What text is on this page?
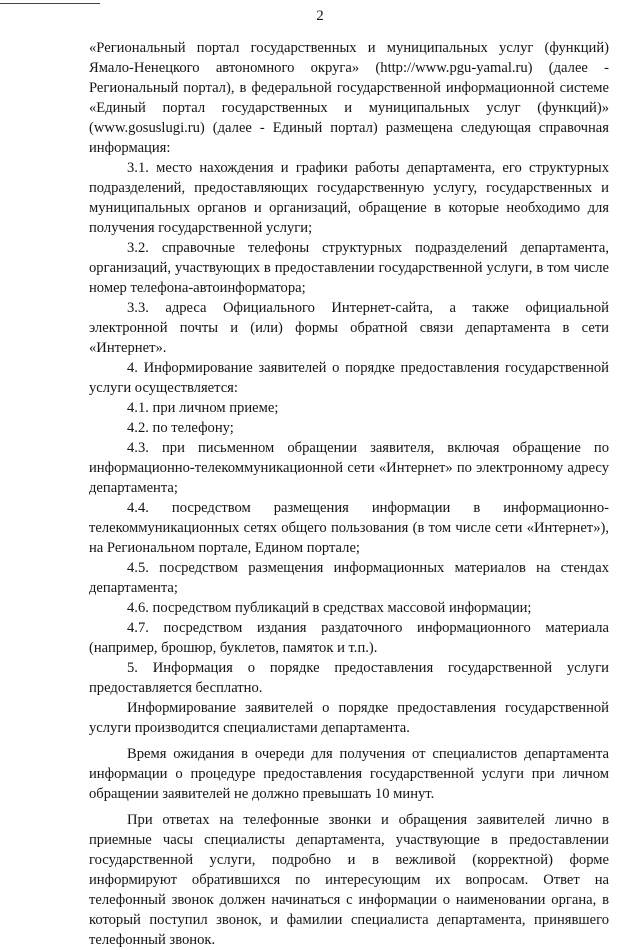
2

«Региональный портал государственных и муниципальных услуг (функций) Ямало-Ненецкого автономного округа» (http://www.pgu-yamal.ru) (далее - Региональный портал), в федеральной государственной информационной системе «Единый портал государственных и муниципальных услуг (функций)» (www.gosuslugi.ru) (далее - Единый портал) размещена следующая справочная информация:

3.1. место нахождения и графики работы департамента, его структурных подразделений, предоставляющих государственную услугу, государственных и муниципальных органов и организаций, обращение в которые необходимо для получения государственной услуги;

3.2. справочные телефоны структурных подразделений департамента, организаций, участвующих в предоставлении государственной услуги, в том числе номер телефона-автоинформатора;

3.3. адреса Официального Интернет-сайта, а также официальной электронной почты и (или) формы обратной связи департамента в сети «Интернет».

4. Информирование заявителей о порядке предоставления государственной услуги осуществляется:

4.1. при личном приеме;

4.2. по телефону;

4.3. при письменном обращении заявителя, включая обращение по информационно-телекоммуникационной сети «Интернет» по электронному адресу департамента;

4.4. посредством размещения информации в информационно-телекоммуникационных сетях общего пользования (в том числе сети «Интернет»), на Региональном портале, Едином портале;

4.5. посредством размещения информационных материалов на стендах департамента;

4.6. посредством публикаций в средствах массовой информации;

4.7. посредством издания раздаточного информационного материала (например, брошюр, буклетов, памяток и т.п.).

5. Информация о порядке предоставления государственной услуги предоставляется бесплатно.

Информирование заявителей о порядке предоставления государственной услуги производится специалистами департамента.

Время ожидания в очереди для получения от специалистов департамента информации о процедуре предоставления государственной услуги при личном обращении заявителей не должно превышать 10 минут.

При ответах на телефонные звонки и обращения заявителей лично в приемные часы специалисты департамента, участвующие в предоставлении государственной услуги, подробно и в вежливой (корректной) форме информируют обратившихся по интересующим их вопросам. Ответ на телефонный звонок должен начинаться с информации о наименовании органа, в который поступил звонок, и фамилии специалиста департамента, принявшего телефонный звонок.
